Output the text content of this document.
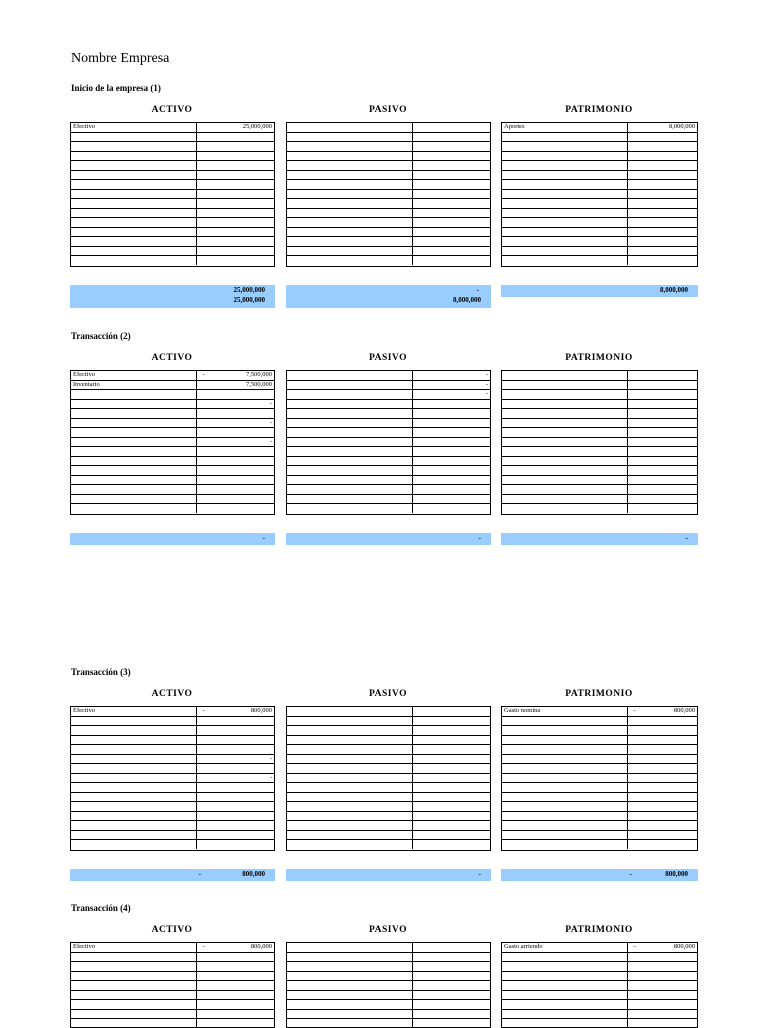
Nombre Empresa
Inicio de la empresa (1)
ACTIVO
Efectivo	25,000,000

25,000,000
25,000,000
PASIVO

-
8,000,000
PATRIMONIO
Aportes	8,000,000

8,000,000
Transacción (2)
ACTIVO
Efectivo	- 7,500,000
Inventario	7,500,000

	-

	-

	-

-
PASIVO
	-
	-
	-

-
PATRIMONIO

-
Transacción (3)
ACTIVO
Efectivo	- 800,000

	-

	-

-	800,000
PASIVO

-
PATRIMONIO
Gasto nomina	- 800,000

-	800,000
Transacción (4)
ACTIVO
Efectivo	- 800,000

PASIVO

		PATRIMONIO
Gasto arriendo	- 800,000
